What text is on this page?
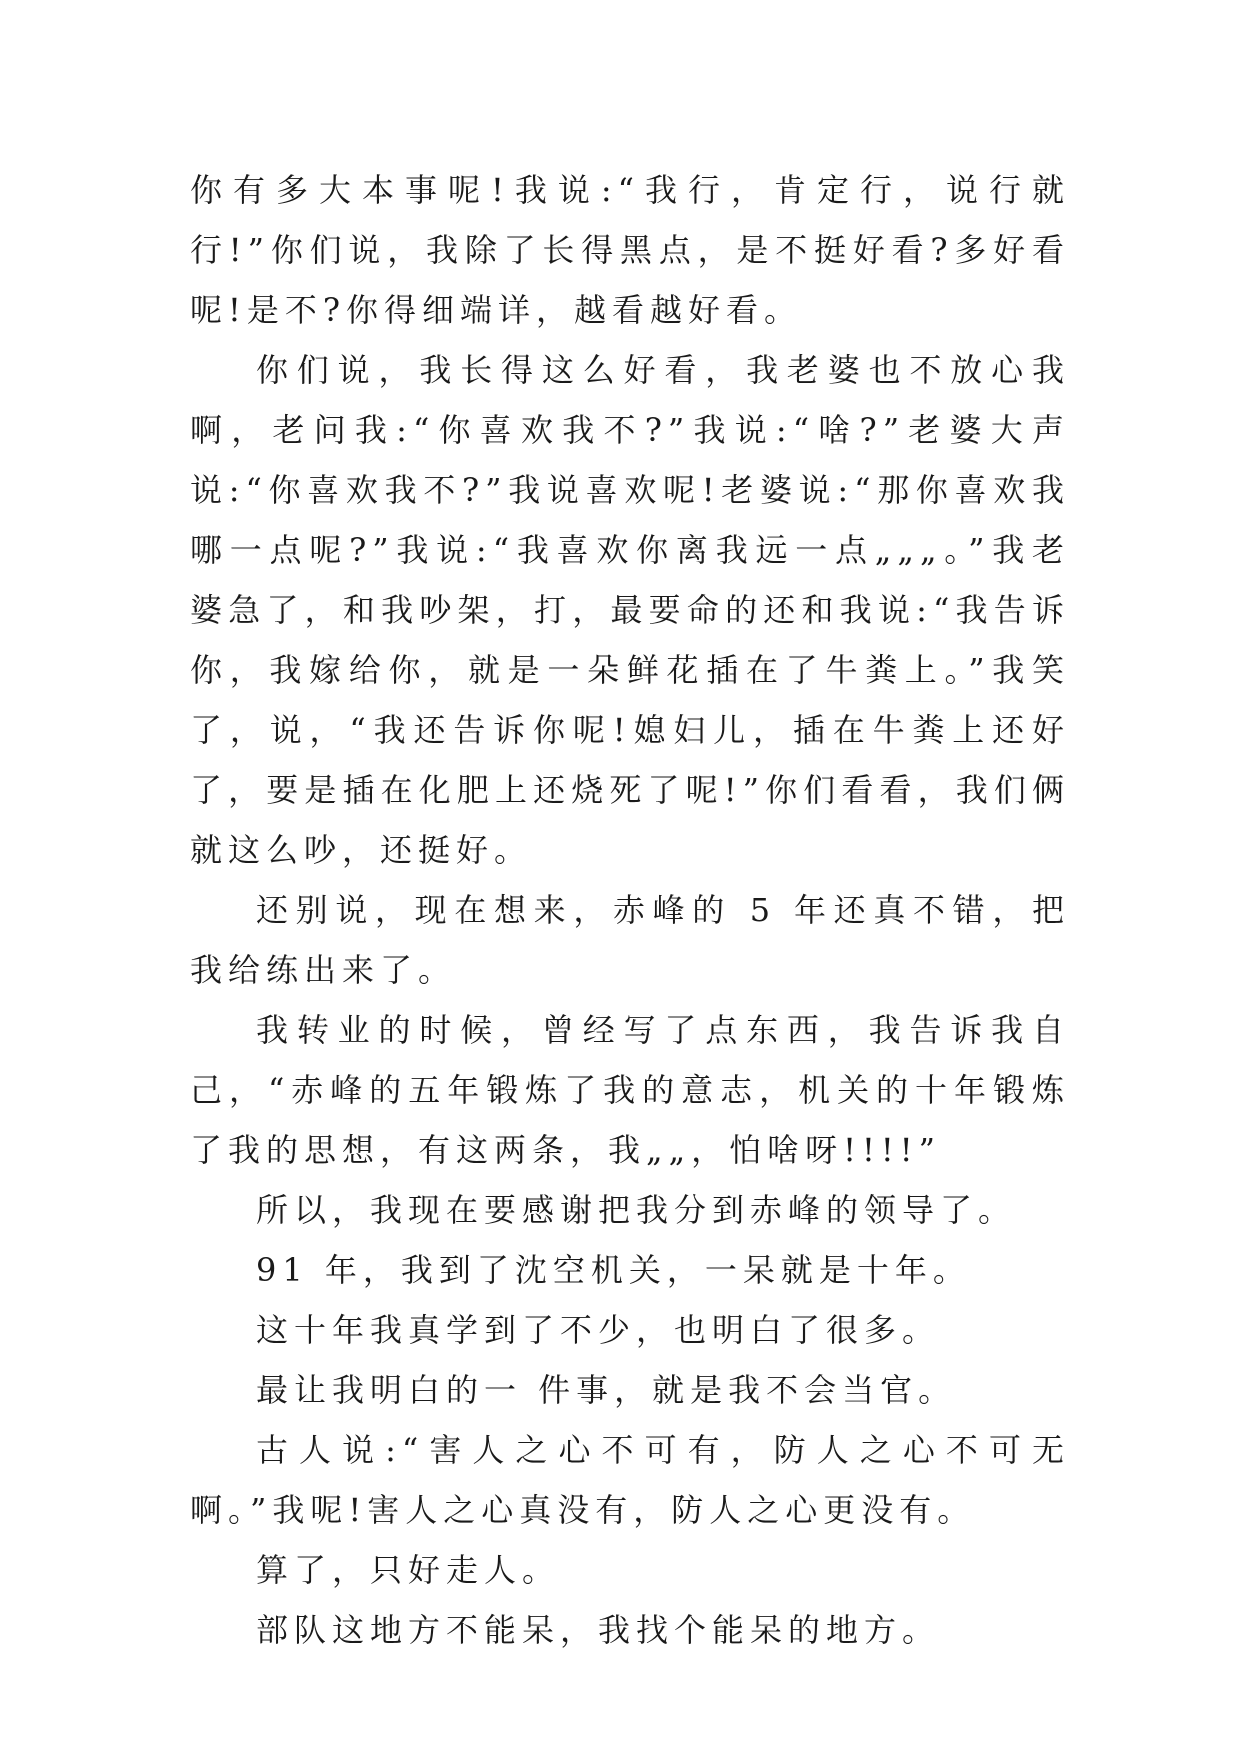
你有多大本事呢!我说:“我行，肯定行，说行就行!”你们说，我除了长得黑点，是不挺好看?多好看呢!是不?你得细端详，越看越好看。

你们说，我长得这么好看，我老婆也不放心我啊，老问我:“你喜欢我不?”我说:“啥?”老婆大声说:“你喜欢我不?”我说喜欢呢!老婆说:“那你喜欢我哪一点呢?”我说:“我喜欢你离我远一点„„„。”我老婆急了，和我吵架，打，最要命的还和我说:“我告诉你，我嫁给你，就是一朵鲜花插在了牛粪上。”我笑了，说，“我还告诉你呢!媳妇儿，插在牛粪上还好了，要是插在化肥上还烧死了呢!”你们看看，我们俩就这么吵，还挺好。

还别说，现在想来，赤峰的 5 年还真不错，把我给练出来了。

我转业的时候，曾经写了点东西，我告诉我自己，“赤峰的五年锻炼了我的意志，机关的十年锻炼了我的思想，有这两条，我„„，怕啥呀!!!!”

所以，我现在要感谢把我分到赤峰的领导了。

91 年，我到了沈空机关，一呆就是十年。

这十年我真学到了不少，也明白了很多。

最让我明白的一 件事，就是我不会当官。

古人说:“害人之心不可有，防人之心不可无啊。”我呢!害人之心真没有，防人之心更没有。

算了，只好走人。

部队这地方不能呆，我找个能呆的地方。
